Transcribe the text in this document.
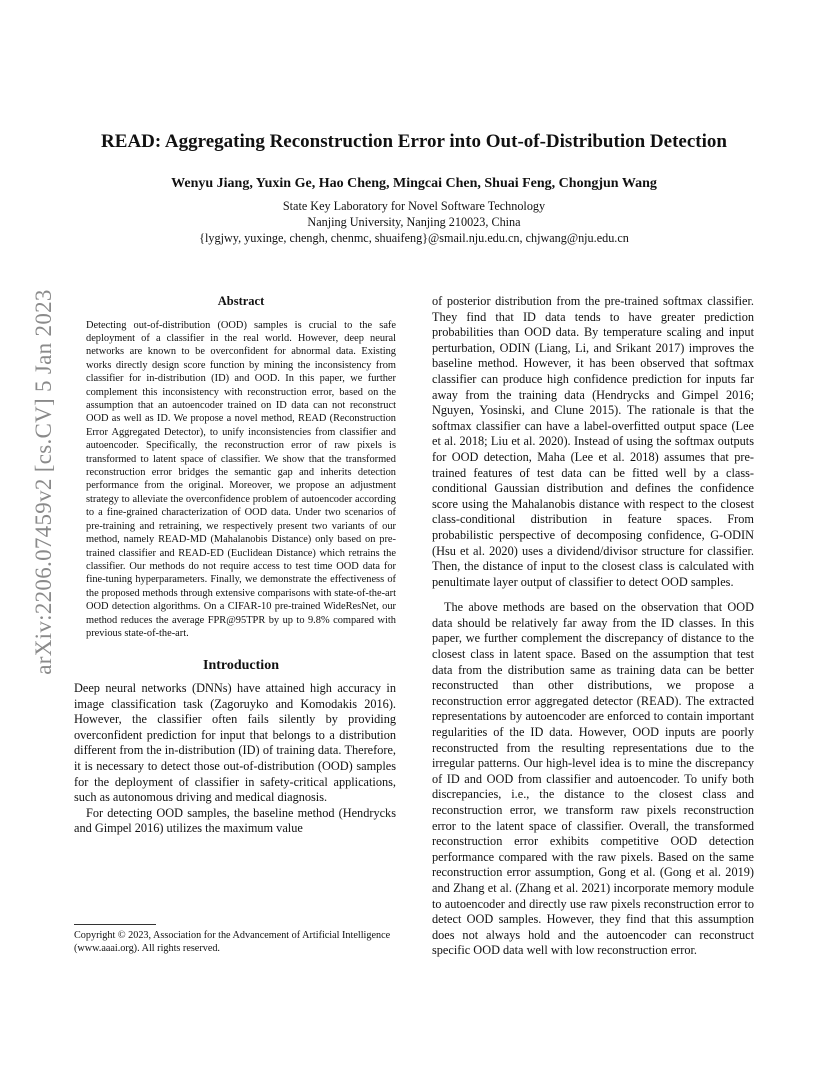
arXiv:2206.07459v2 [cs.CV] 5 Jan 2023
READ: Aggregating Reconstruction Error into Out-of-Distribution Detection
Wenyu Jiang, Yuxin Ge, Hao Cheng, Mingcai Chen, Shuai Feng, Chongjun Wang
State Key Laboratory for Novel Software Technology
Nanjing University, Nanjing 210023, China
{lygjwy, yuxinge, chengh, chenmc, shuaifeng}@smail.nju.edu.cn, chjwang@nju.edu.cn
Abstract

Detecting out-of-distribution (OOD) samples is crucial to the safe deployment of a classifier in the real world. However, deep neural networks are known to be overconfident for abnormal data. Existing works directly design score function by mining the inconsistency from classifier for in-distribution (ID) and OOD. In this paper, we further complement this inconsistency with reconstruction error, based on the assumption that an autoencoder trained on ID data can not reconstruct OOD as well as ID. We propose a novel method, READ (Reconstruction Error Aggregated Detector), to unify inconsistencies from classifier and autoencoder. Specifically, the reconstruction error of raw pixels is transformed to latent space of classifier. We show that the transformed reconstruction error bridges the semantic gap and inherits detection performance from the original. Moreover, we propose an adjustment strategy to alleviate the overconfidence problem of autoencoder according to a fine-grained characterization of OOD data. Under two scenarios of pre-training and retraining, we respectively present two variants of our method, namely READ-MD (Mahalanobis Distance) only based on pre-trained classifier and READ-ED (Euclidean Distance) which retrains the classifier. Our methods do not require access to test time OOD data for fine-tuning hyperparameters. Finally, we demonstrate the effectiveness of the proposed methods through extensive comparisons with state-of-the-art OOD detection algorithms. On a CIFAR-10 pre-trained WideResNet, our method reduces the average FPR@95TPR by up to 9.8% compared with previous state-of-the-art.

Introduction

Deep neural networks (DNNs) have attained high accuracy in image classification task (Zagoruyko and Komodakis 2016). However, the classifier often fails silently by providing overconfident prediction for input that belongs to a distribution different from the in-distribution (ID) of training data. Therefore, it is necessary to detect those out-of-distribution (OOD) samples for the deployment of classifier in safety-critical applications, such as autonomous driving and medical diagnosis.

For detecting OOD samples, the baseline method (Hendrycks and Gimpel 2016) utilizes the maximum value

of posterior distribution from the pre-trained softmax classifier. They find that ID data tends to have greater prediction probabilities than OOD data. By temperature scaling and input perturbation, ODIN (Liang, Li, and Srikant 2017) improves the baseline method. However, it has been observed that softmax classifier can produce high confidence prediction for inputs far away from the training data (Hendrycks and Gimpel 2016; Nguyen, Yosinski, and Clune 2015). The rationale is that the softmax classifier can have a label-overfitted output space (Lee et al. 2018; Liu et al. 2020). Instead of using the softmax outputs for OOD detection, Maha (Lee et al. 2018) assumes that pre-trained features of test data can be fitted well by a class-conditional Gaussian distribution and defines the confidence score using the Mahalanobis distance with respect to the closest class-conditional distribution in feature spaces. From probabilistic perspective of decomposing confidence, G-ODIN (Hsu et al. 2020) uses a dividend/divisor structure for classifier. Then, the distance of input to the closest class is calculated with penultimate layer output of classifier to detect OOD samples.

The above methods are based on the observation that OOD data should be relatively far away from the ID classes. In this paper, we further complement the discrepancy of distance to the closest class in latent space. Based on the assumption that test data from the distribution same as training data can be better reconstructed than other distributions, we propose a reconstruction error aggregated detector (READ). The extracted representations by autoencoder are enforced to contain important regularities of the ID data. However, OOD inputs are poorly reconstructed from the resulting representations due to the irregular patterns. Our high-level idea is to mine the discrepancy of ID and OOD from classifier and autoencoder. To unify both discrepancies, i.e., the distance to the closest class and reconstruction error, we transform raw pixels reconstruction error to the latent space of classifier. Overall, the transformed reconstruction error exhibits competitive OOD detection performance compared with the raw pixels. Based on the same reconstruction error assumption, Gong et al. (Gong et al. 2019) and Zhang et al. (Zhang et al. 2021) incorporate memory module to autoencoder and directly use raw pixels reconstruction error to detect OOD samples. However, they find that this assumption does not always hold and the autoencoder can reconstruct specific OOD data well with low reconstruction error.

Copyright © 2023, Association for the Advancement of Artificial Intelligence (www.aaai.org). All rights reserved.
